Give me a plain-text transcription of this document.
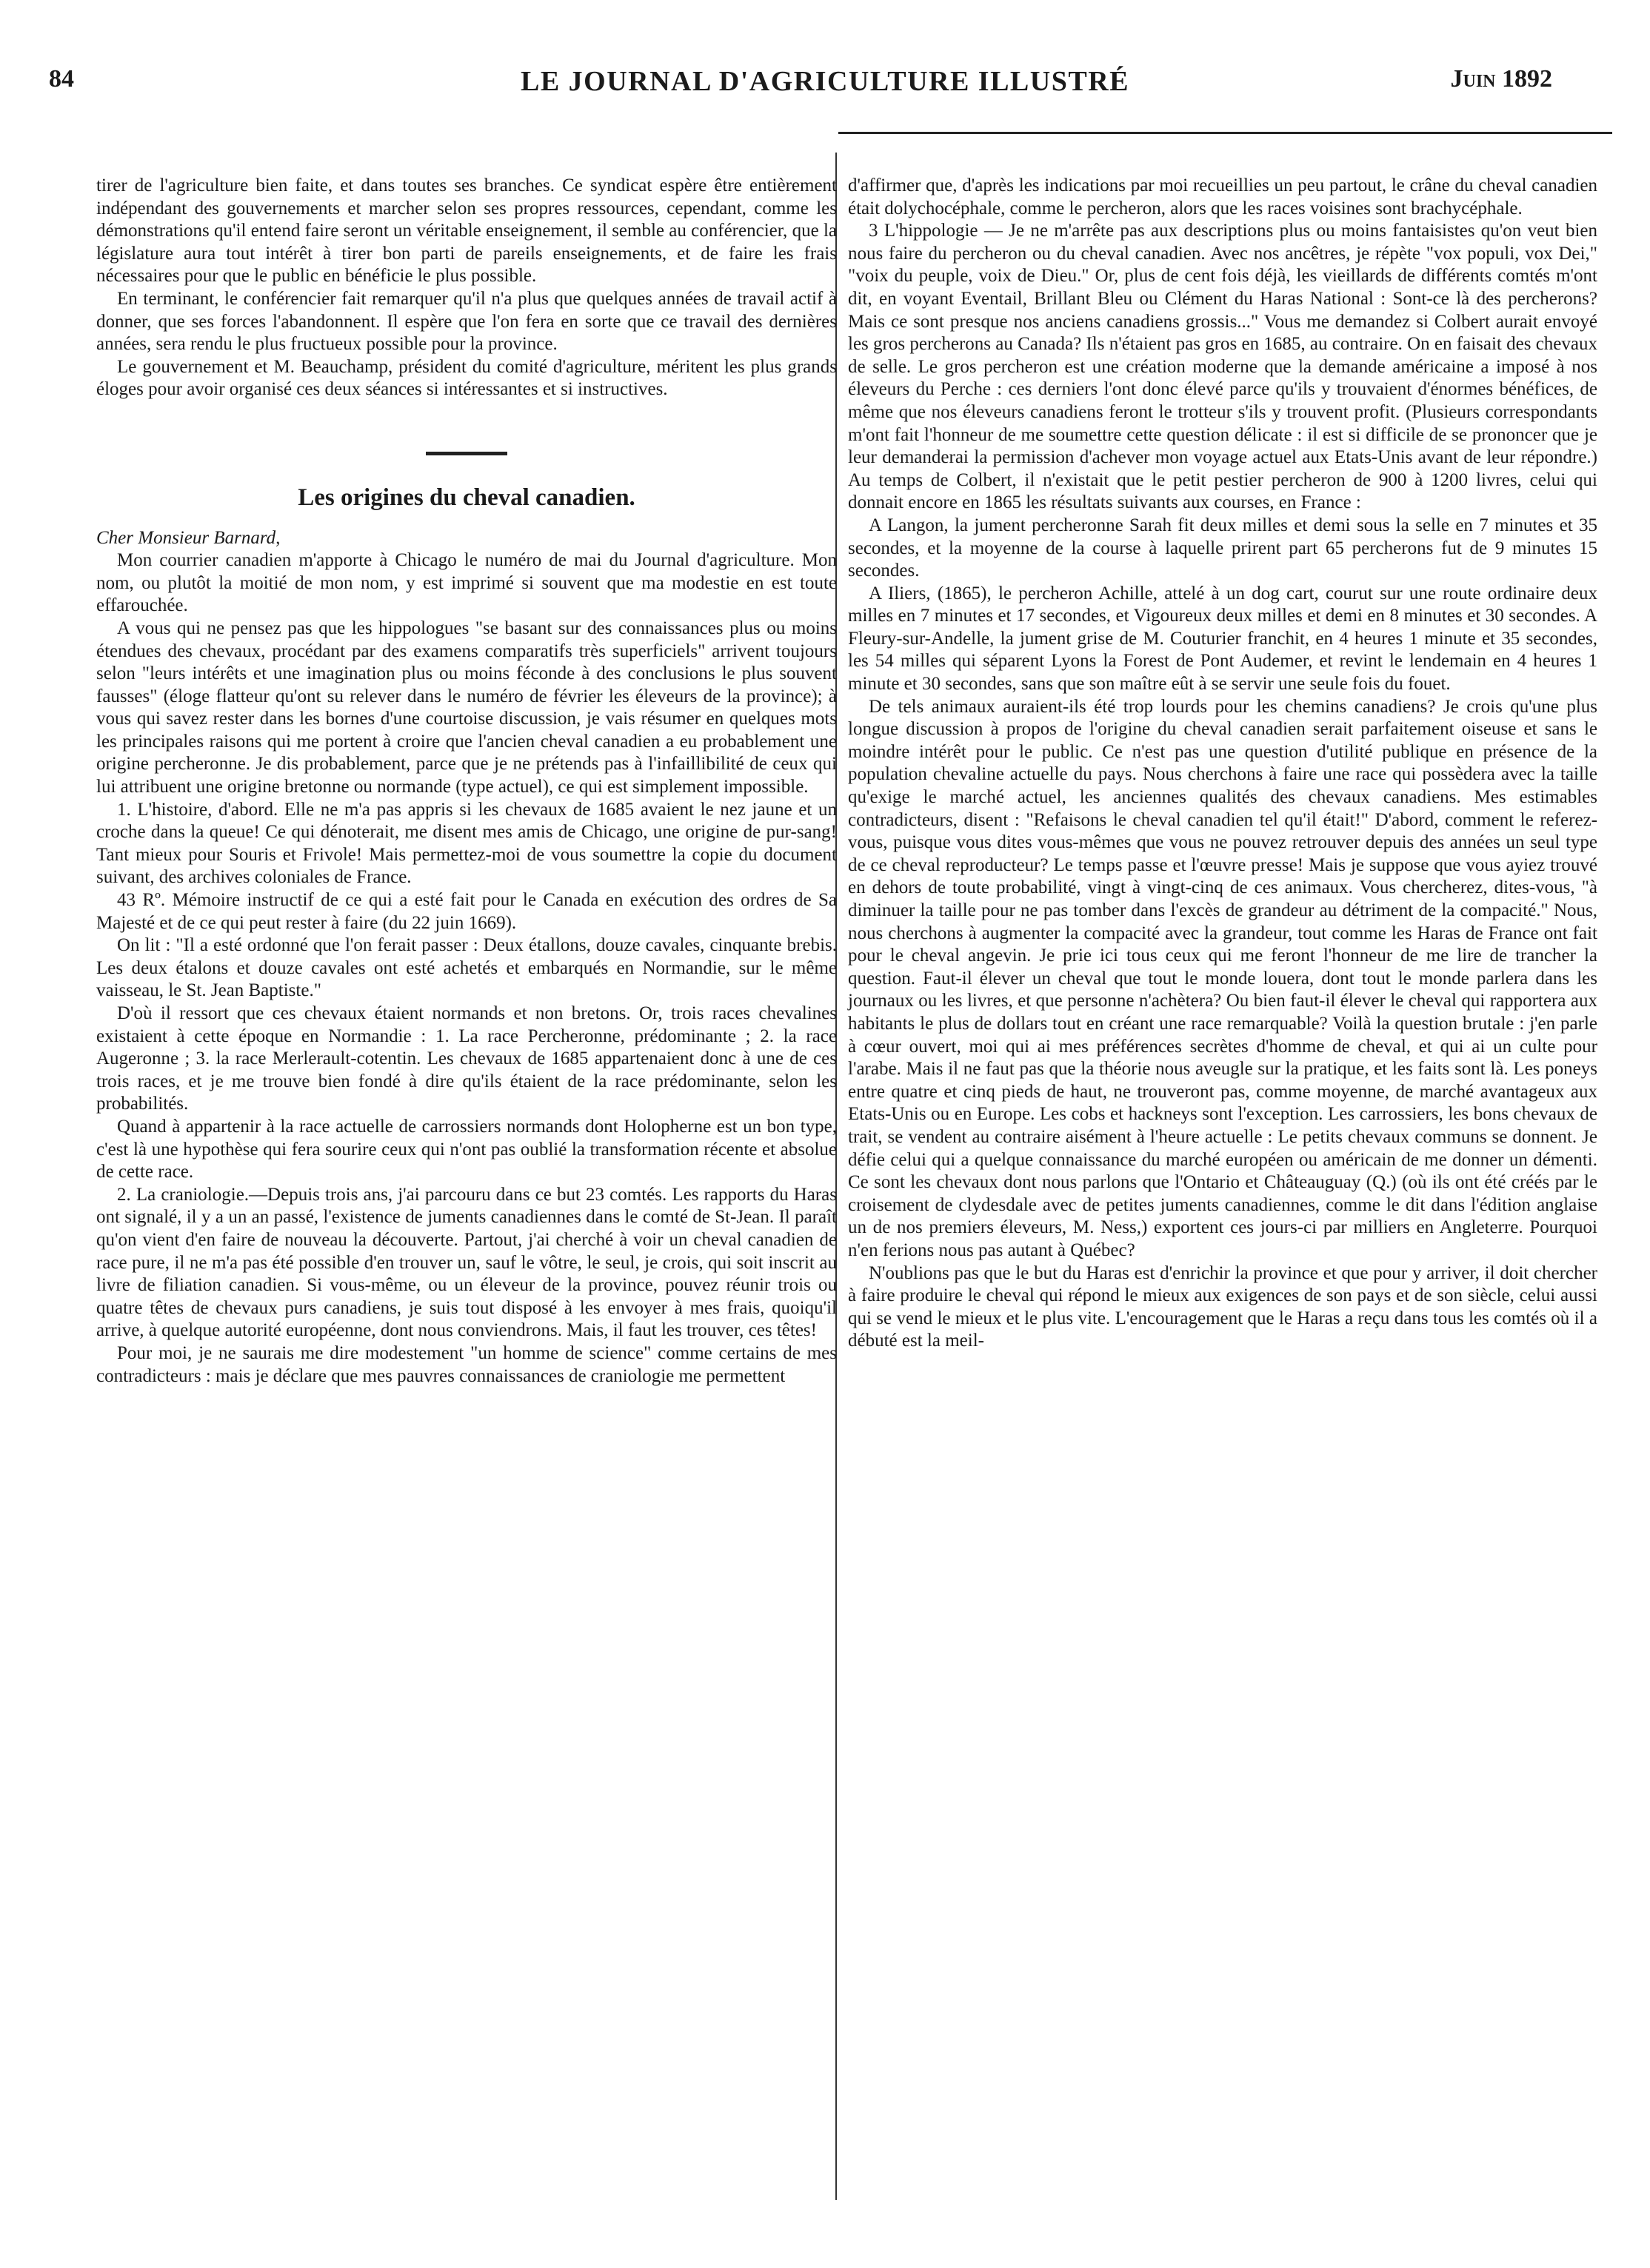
84	LE JOURNAL D'AGRICULTURE ILLUSTRÉ	Juin 1892

tirer de l'agriculture bien faite, et dans toutes ses branches. Ce syndicat espère être entièrement indépendant des gouvernements et marcher selon ses propres ressources, cependant, comme les démonstrations qu'il entend faire seront un véritable enseignement, il semble au conférencier, que la législature aura tout intérêt à tirer bon parti de pareils enseignements, et de faire les frais nécessaires pour que le public en bénéficie le plus possible.

En terminant, le conférencier fait remarquer qu'il n'a plus que quelques années de travail actif à donner, que ses forces l'abandonnent. Il espère que l'on fera en sorte que ce travail des dernières années, sera rendu le plus fructueux possible pour la province.

Le gouvernement et M. Beauchamp, président du comité d'agriculture, méritent les plus grands éloges pour avoir organisé ces deux séances si intéressantes et si instructives.

Les origines du cheval canadien.

Cher Monsieur Barnard,

Mon courrier canadien m'apporte à Chicago le numéro de mai du Journal d'agriculture. Mon nom, ou plutôt la moitié de mon nom, y est imprimé si souvent que ma modestie en est toute effarouchée.

A vous qui ne pensez pas que les hippologues "se basant sur des connaissances plus ou moins étendues des chevaux, procédant par des examens comparatifs très superficiels" arrivent toujours selon "leurs intérêts et une imagination plus ou moins féconde à des conclusions le plus souvent fausses" (éloge flatteur qu'ont su relever dans le numéro de février les éleveurs de la province); à vous qui savez rester dans les bornes d'une courtoise discussion, je vais résumer en quelques mots les principales raisons qui me portent à croire que l'ancien cheval canadien a eu probablement une origine percheronne. Je dis probablement, parce que je ne prétends pas à l'infaillibilité de ceux qui lui attribuent une origine bretonne ou normande (type actuel), ce qui est simplement impossible.

1. L'histoire, d'abord. Elle ne m'a pas appris si les chevaux de 1685 avaient le nez jaune et un croche dans la queue! Ce qui dénoterait, me disent mes amis de Chicago, une origine de pur-sang! Tant mieux pour Souris et Frivole! Mais permettez-moi de vous soumettre la copie du document suivant, des archives coloniales de France.

43 Rº. Mémoire instructif de ce qui a esté fait pour le Canada en exécution des ordres de Sa Majesté et de ce qui peut rester à faire (du 22 juin 1669).

On lit : "Il a esté ordonné que l'on ferait passer : Deux étallons, douze cavales, cinquante brebis. Les deux étalons et douze cavales ont esté achetés et embarqués en Normandie, sur le même vaisseau, le St. Jean Baptiste."

D'où il ressort que ces chevaux étaient normands et non bretons. Or, trois races chevalines existaient à cette époque en Normandie : 1. La race Percheronne, prédominante ; 2. la race Augeronne ; 3. la race Merlerault-cotentin. Les chevaux de 1685 appartenaient donc à une de ces trois races, et je me trouve bien fondé à dire qu'ils étaient de la race prédominante, selon les probabilités.

Quand à appartenir à la race actuelle de carrossiers normands dont Holopherne est un bon type, c'est là une hypothèse qui fera sourire ceux qui n'ont pas oublié la transformation récente et absolue de cette race.

2. La craniologie.—Depuis trois ans, j'ai parcouru dans ce but 23 comtés. Les rapports du Haras ont signalé, il y a un an passé, l'existence de juments canadiennes dans le comté de St-Jean. Il paraît qu'on vient d'en faire de nouveau la découverte. Partout, j'ai cherché à voir un cheval canadien de race pure, il ne m'a pas été possible d'en trouver un, sauf le vôtre, le seul, je crois, qui soit inscrit au livre de filiation canadien. Si vous-même, ou un éleveur de la province, pouvez réunir trois ou quatre têtes de chevaux purs canadiens, je suis tout disposé à les envoyer à mes frais, quoiqu'il arrive, à quelque autorité européenne, dont nous conviendrons. Mais, il faut les trouver, ces têtes!

Pour moi, je ne saurais me dire modestement "un homme de science" comme certains de mes contradicteurs : mais je déclare que mes pauvres connaissances de craniologie me permettent

d'affirmer que, d'après les indications par moi recueillies un peu partout, le crâne du cheval canadien était dolychocéphale, comme le percheron, alors que les races voisines sont brachycéphale.

3 L'hippologie — Je ne m'arrête pas aux descriptions plus ou moins fantaisistes qu'on veut bien nous faire du percheron ou du cheval canadien. Avec nos ancêtres, je répète "vox populi, vox Dei," "voix du peuple, voix de Dieu." Or, plus de cent fois déjà, les vieillards de différents comtés m'ont dit, en voyant Eventail, Brillant Bleu ou Clément du Haras National : Sont-ce là des percherons? Mais ce sont presque nos anciens canadiens grossis..." Vous me demandez si Colbert aurait envoyé les gros percherons au Canada? Ils n'étaient pas gros en 1685, au contraire. On en faisait des chevaux de selle. Le gros percheron est une création moderne que la demande américaine a imposé à nos éleveurs du Perche : ces derniers l'ont donc élevé parce qu'ils y trouvaient d'énormes bénéfices, de même que nos éleveurs canadiens feront le trotteur s'ils y trouvent profit. (Plusieurs correspondants m'ont fait l'honneur de me soumettre cette question délicate : il est si difficile de se prononcer que je leur demanderai la permission d'achever mon voyage actuel aux Etats-Unis avant de leur répondre.) Au temps de Colbert, il n'existait que le petit pestier percheron de 900 à 1200 livres, celui qui donnait encore en 1865 les résultats suivants aux courses, en France :

A Langon, la jument percheronne Sarah fit deux milles et demi sous la selle en 7 minutes et 35 secondes, et la moyenne de la course à laquelle prirent part 65 percherons fut de 9 minutes 15 secondes.

A Iliers, (1865), le percheron Achille, attelé à un dog cart, courut sur une route ordinaire deux milles en 7 minutes et 17 secondes, et Vigoureux deux milles et demi en 8 minutes et 30 secondes. A Fleury-sur-Andelle, la jument grise de M. Couturier franchit, en 4 heures 1 minute et 35 secondes, les 54 milles qui séparent Lyons la Forest de Pont Audemer, et revint le lendemain en 4 heures 1 minute et 30 secondes, sans que son maître eût à se servir une seule fois du fouet.

De tels animaux auraient-ils été trop lourds pour les chemins canadiens? Je crois qu'une plus longue discussion à propos de l'origine du cheval canadien serait parfaitement oiseuse et sans le moindre intérêt pour le public. Ce n'est pas une question d'utilité publique en présence de la population chevaline actuelle du pays. Nous cherchons à faire une race qui possèdera avec la taille qu'exige le marché actuel, les anciennes qualités des chevaux canadiens. Mes estimables contradicteurs, disent : "Refaisons le cheval canadien tel qu'il était!" D'abord, comment le referez-vous, puisque vous dites vous-mêmes que vous ne pouvez retrouver depuis des années un seul type de ce cheval reproducteur? Le temps passe et l'œuvre presse! Mais je suppose que vous ayiez trouvé en dehors de toute probabilité, vingt à vingt-cinq de ces animaux. Vous chercherez, dites-vous, "à diminuer la taille pour ne pas tomber dans l'excès de grandeur au détriment de la compacité." Nous, nous cherchons à augmenter la compacité avec la grandeur, tout comme les Haras de France ont fait pour le cheval angevin. Je prie ici tous ceux qui me feront l'honneur de me lire de trancher la question. Faut-il élever un cheval que tout le monde louera, dont tout le monde parlera dans les journaux ou les livres, et que personne n'achètera? Ou bien faut-il élever le cheval qui rapportera aux habitants le plus de dollars tout en créant une race remarquable? Voilà la question brutale : j'en parle à cœur ouvert, moi qui ai mes préférences secrètes d'homme de cheval, et qui ai un culte pour l'arabe. Mais il ne faut pas que la théorie nous aveugle sur la pratique, et les faits sont là. Les poneys entre quatre et cinq pieds de haut, ne trouveront pas, comme moyenne, de marché avantageux aux Etats-Unis ou en Europe. Les cobs et hackneys sont l'exception. Les carrossiers, les bons chevaux de trait, se vendent au contraire aisément à l'heure actuelle : Le petits chevaux communs se donnent. Je défie celui qui a quelque connaissance du marché européen ou américain de me donner un démenti. Ce sont les chevaux dont nous parlons que l'Ontario et Châteauguay (Q.) (où ils ont été créés par le croisement de clydesdale avec de petites juments canadiennes, comme le dit dans l'édition anglaise un de nos premiers éleveurs, M. Ness,) exportent ces jours-ci par milliers en Angleterre. Pourquoi n'en ferions nous pas autant à Québec?

N'oublions pas que le but du Haras est d'enrichir la province et que pour y arriver, il doit chercher à faire produire le cheval qui répond le mieux aux exigences de son pays et de son siècle, celui aussi qui se vend le mieux et le plus vite. L'encouragement que le Haras a reçu dans tous les comtés où il a débuté est la meil-
